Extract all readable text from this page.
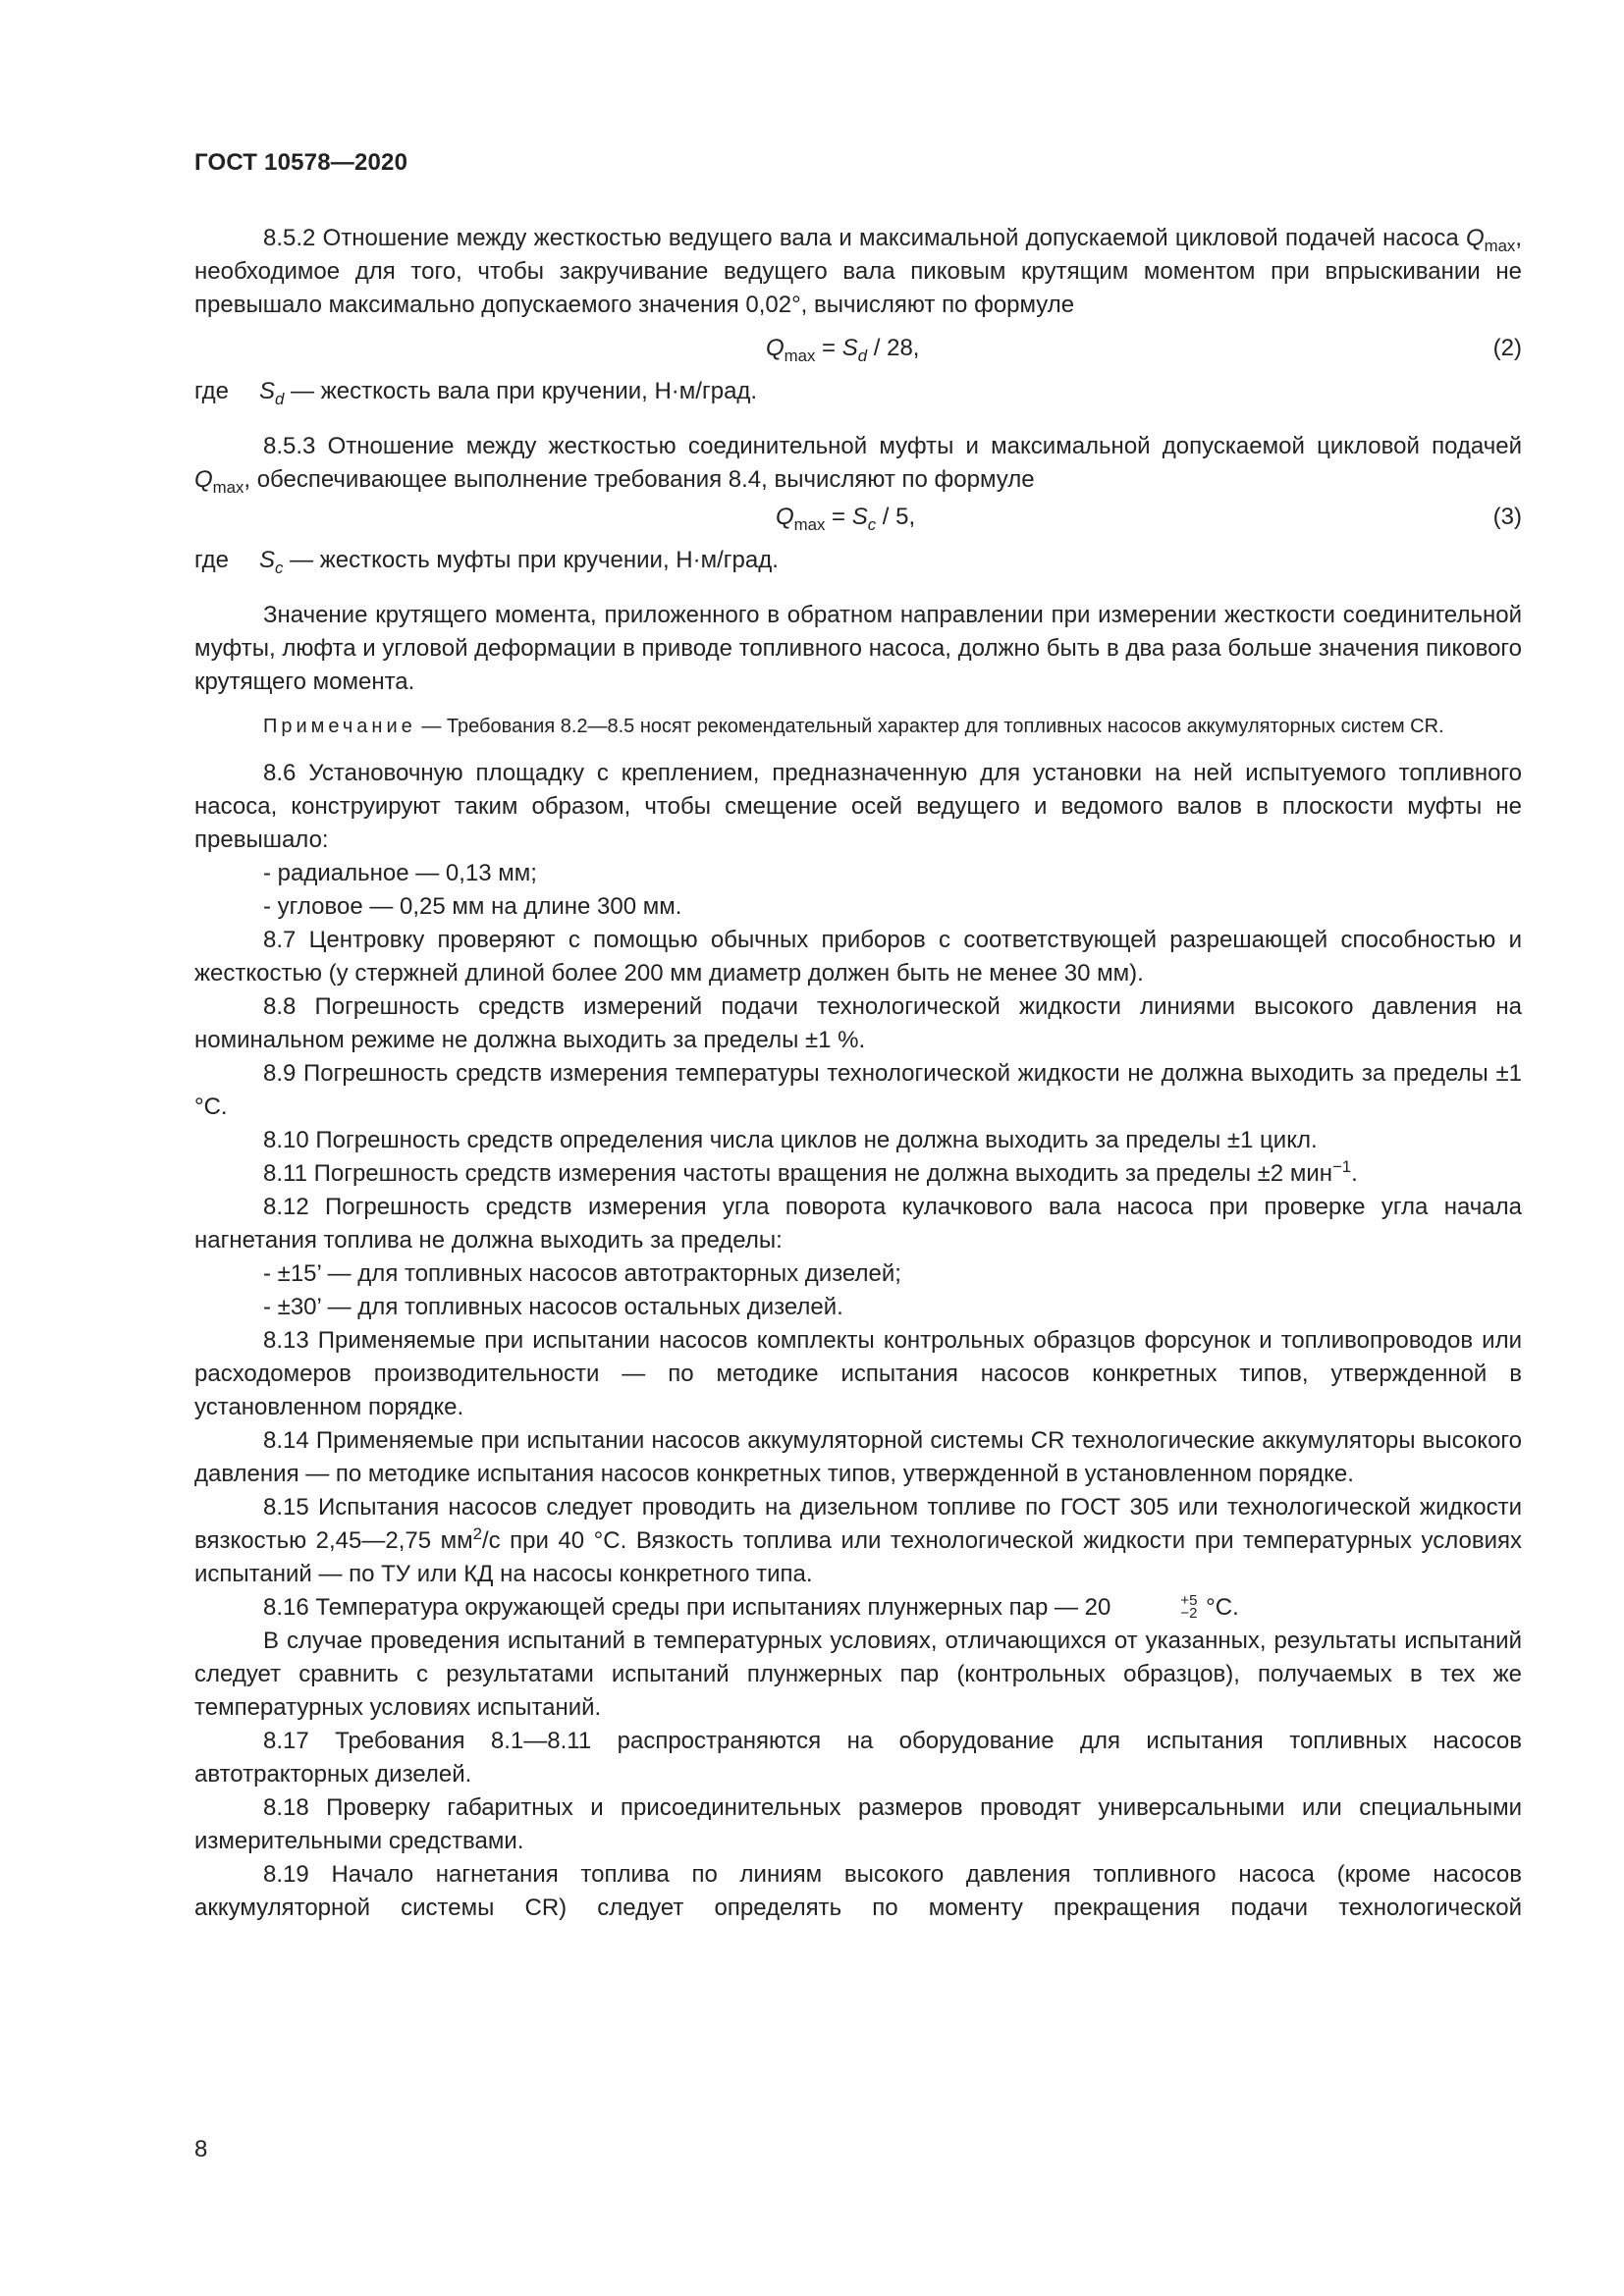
ГОСТ 10578—2020

8.5.2 Отношение между жесткостью ведущего вала и максимальной допускаемой цикловой подачей насоса $Q_{max}$, необходимое для того, чтобы закручивание ведущего вала пиковым крутящим моментом при впрыскивании не превышало максимально допускаемого значения 0,02°, вычисляют по формуле

$Q_{max} = S_d / 28$,	(2)
где $S_d$ — жесткость вала при кручении, Н·м/град.

8.5.3 Отношение между жесткостью соединительной муфты и максимальной допускаемой цикловой подачей $Q_{max}$, обеспечивающее выполнение требования 8.4, вычисляют по формуле

$Q_{max} = S_c / 5$,	(3)
где $S_c$ — жесткость муфты при кручении, Н·м/град.

Значение крутящего момента, приложенного в обратном направлении при измерении жесткости соединительной муфты, люфта и угловой деформации в приводе топливного насоса, должно быть в два раза больше значения пикового крутящего момента.

Примечание — Требования 8.2—8.5 носят рекомендательный характер для топливных насосов аккумуляторных систем CR.

8.6 Установочную площадку с креплением, предназначенную для установки на ней испытуемого топливного насоса, конструируют таким образом, чтобы смещение осей ведущего и ведомого валов в плоскости муфты не превышало:

- радиальное — 0,13 мм;

- угловое — 0,25 мм на длине 300 мм.

8.7 Центровку проверяют с помощью обычных приборов с соответствующей разрешающей способностью и жесткостью (у стержней длиной более 200 мм диаметр должен быть не менее 30 мм).

8.8 Погрешность средств измерений подачи технологической жидкости линиями высокого давления на номинальном режиме не должна выходить за пределы ±1 %.

8.9 Погрешность средств измерения температуры технологической жидкости не должна выходить за пределы ±1 °С.

8.10 Погрешность средств определения числа циклов не должна выходить за пределы ±1 цикл.

8.11 Погрешность средств измерения частоты вращения не должна выходить за пределы ±2 мин$^{-1}$.

8.12 Погрешность средств измерения угла поворота кулачкового вала насоса при проверке угла начала нагнетания топлива не должна выходить за пределы:

- ±15’ — для топливных насосов автотракторных дизелей;

- ±30’ — для топливных насосов остальных дизелей.

8.13 Применяемые при испытании насосов комплекты контрольных образцов форсунок и топливопроводов или расходомеров производительности — по методике испытания насосов конкретных типов, утвержденной в установленном порядке.

8.14 Применяемые при испытании насосов аккумуляторной системы CR технологические аккумуляторы высокого давления — по методике испытания насосов конкретных типов, утвержденной в установленном порядке.

8.15 Испытания насосов следует проводить на дизельном топливе по ГОСТ 305 или технологической жидкости вязкостью 2,45—2,75 $мм^2/с$ при 40 °С. Вязкость топлива или технологической жидкости при температурных условиях испытаний — по ТУ или КД на насосы конкретного типа.

8.16 Температура окружающей среды при испытаниях плунжерных пар — 20	+5
−2 °С.

В случае проведения испытаний в температурных условиях, отличающихся от указанных, результаты испытаний следует сравнить с результатами испытаний плунжерных пар (контрольных образцов), получаемых в тех же температурных условиях испытаний.

8.17 Требования 8.1—8.11 распространяются на оборудование для испытания топливных насосов автотракторных дизелей.

8.18 Проверку габаритных и присоединительных размеров проводят универсальными или специальными измерительными средствами.

8.19 Начало нагнетания топлива по линиям высокого давления топливного насоса (кроме насосов аккумуляторной системы CR) следует определять по моменту прекращения подачи технологической

8
